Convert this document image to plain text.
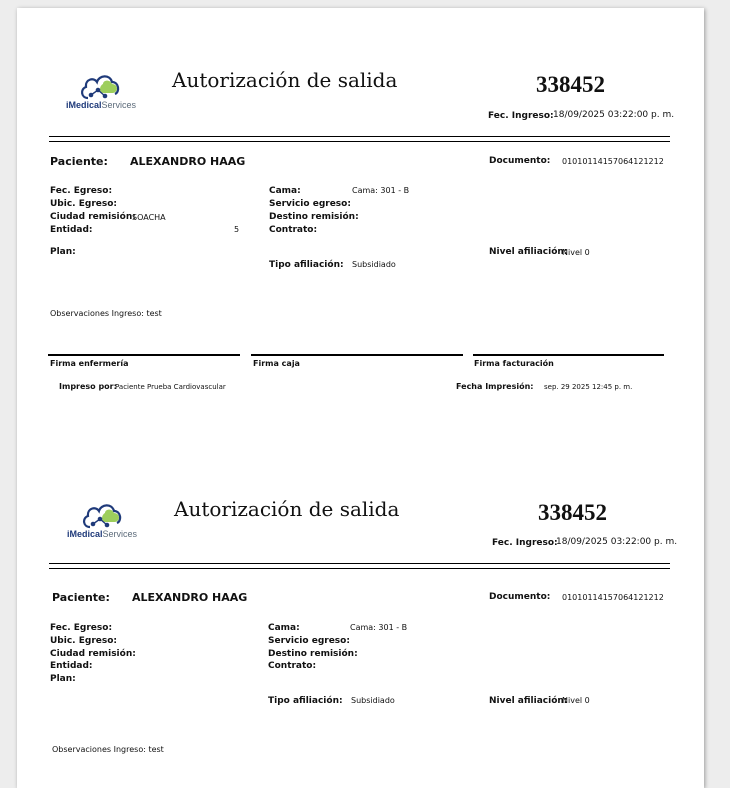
iMedicalServices
Autorización de salida	338452
Fec. Ingreso: 18/09/2025 03:22:00 p. m.
Paciente: ALEXANDRO HAAG	Documento: 01010114157064121212
Fec. Egreso:
Ubic. Egreso:
Ciudad remisión:
SOACHA
Entidad:	5
Plan:
Cama:	Cama: 301 - B
Servicio egreso:
Destino remisión:
Contrato:
Tipo afiliación: Subsidiado
Nivel afiliación:
Nivel 0
Observaciones Ingreso: test
Firma enfermería	Firma caja	Firma facturación
Impreso por:
Paciente Prueba Cardiovascular	Fecha Impresión: sep. 29 2025 12:45 p. m.
iMedicalServices
Autorización de salida	338452
Fec. Ingreso:
18/09/2025 03:22:00 p. m.
Paciente: ALEXANDRO HAAG	Documento: 01010114157064121212
Fec. Egreso:
Ubic. Egreso:
Ciudad remisión:
Entidad:
Plan:
Cama:	Cama: 301 - B
Servicio egreso:
Destino remisión:
Contrato:
Tipo afiliación: Subsidiado	Nivel afiliación:
Nivel 0
Observaciones Ingreso: test
